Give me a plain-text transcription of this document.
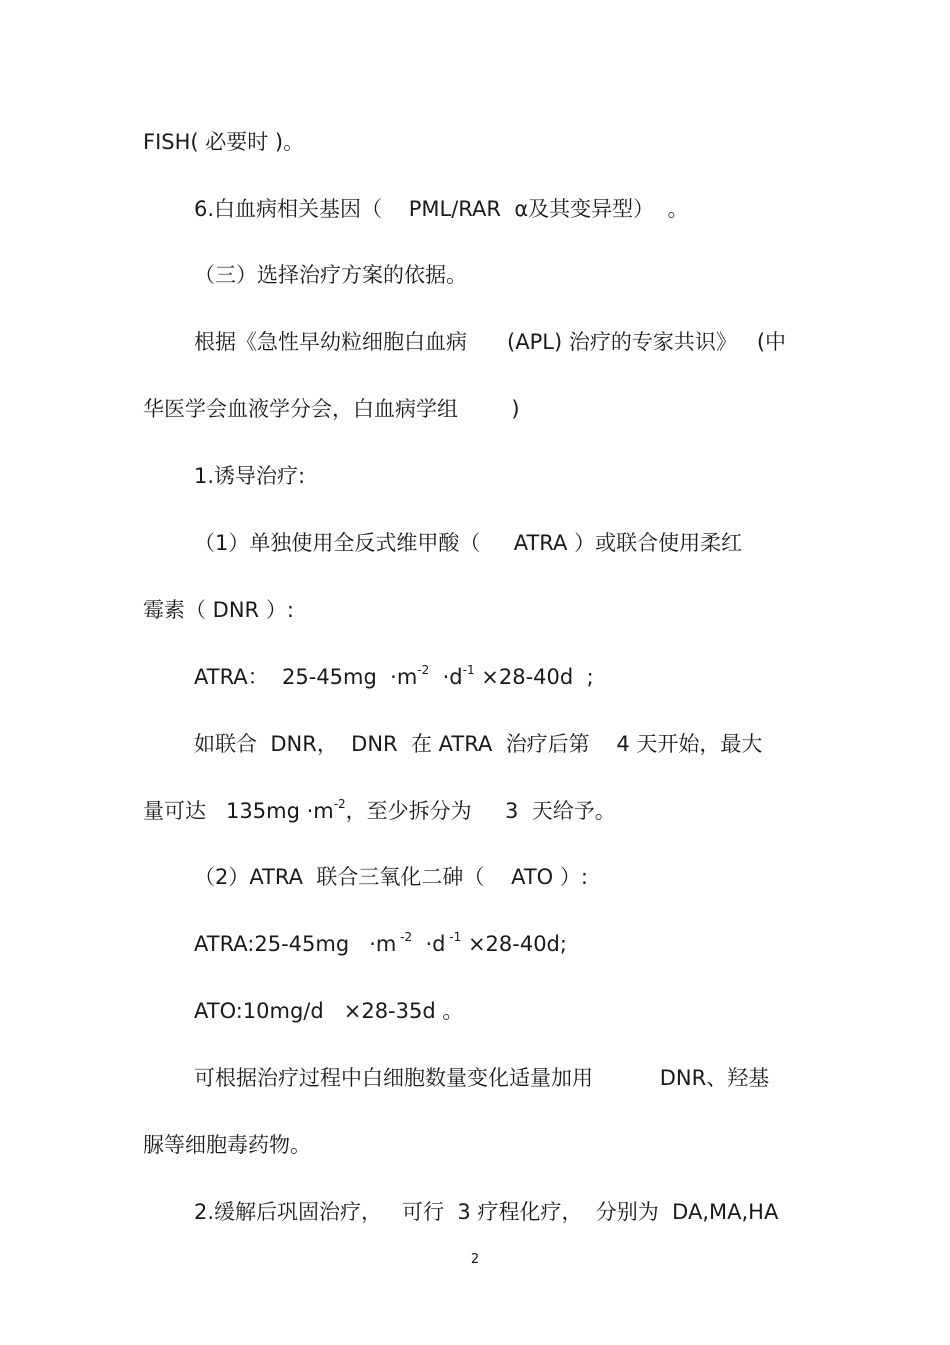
FISH( 必要时 )。

6.白血病相关基因（    PML/RAR  α及其变异型）  。

（三）选择治疗方案的依据。

根据《急性早幼粒细胞白血病      (APL) 治疗的专家共识》   (中

华医学会血液学分会，白血病学组        )

1.诱导治疗:

（1）单独使用全反式维甲酸（     ATRA ）或联合使用柔红

霉素（ DNR ）:

ATRA：  $25-45mg \cdot m^{-2} \cdot d^{-1} \times 28-40d$  ;

如联合  DNR，  DNR  在 ATRA  治疗后第    4 天开始，最大

量可达   $135mg \cdot m^{-2}$，至少拆分为     3  天给予。

（2）ATRA  联合三氧化二砷（    ATO ）:

ATRA:25-45mg   ·m $^{-2}$  ·d $^{-1}$ ×28-40d;

ATO:10mg/d   ×28-35d 。

可根据治疗过程中白细胞数量变化适量加用          DNR、羟基

脲等细胞毒药物。

2.缓解后巩固治疗，   可行  3 疗程化疗，  分别为  DA,MA,HA

2
